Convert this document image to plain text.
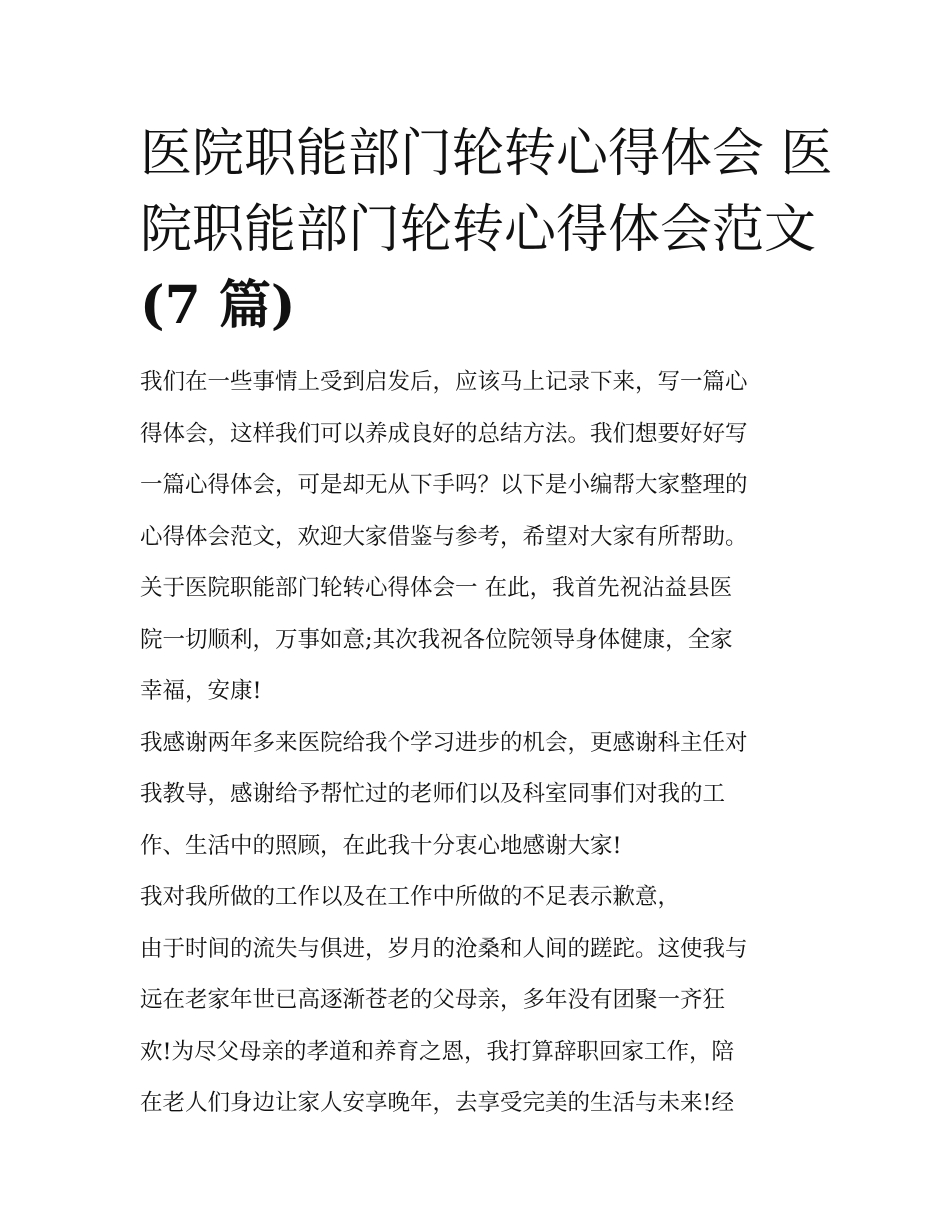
医院职能部门轮转心得体会 医
院职能部门轮转心得体会范文
(7 篇)
我们在一些事情上受到启发后，应该马上记录下来，写一篇心
得体会，这样我们可以养成良好的总结方法。我们想要好好写
一篇心得体会，可是却无从下手吗？以下是小编帮大家整理的
心得体会范文，欢迎大家借鉴与参考，希望对大家有所帮助。
关于医院职能部门轮转心得体会一 在此，我首先祝沾益县医
院一切顺利，万事如意;其次我祝各位院领导身体健康，全家
幸福，安康!
我感谢两年多来医院给我个学习进步的机会，更感谢科主任对
我教导，感谢给予帮忙过的老师们以及科室同事们对我的工
作、生活中的照顾，在此我十分衷心地感谢大家!
我对我所做的工作以及在工作中所做的不足表示歉意，
由于时间的流失与俱进，岁月的沧桑和人间的蹉跎。这使我与
远在老家年世已高逐渐苍老的父母亲，多年没有团聚一齐狂
欢!为尽父母亲的孝道和养育之恩，我打算辞职回家工作，陪
在老人们身边让家人安享晚年，去享受完美的生活与未来!经
